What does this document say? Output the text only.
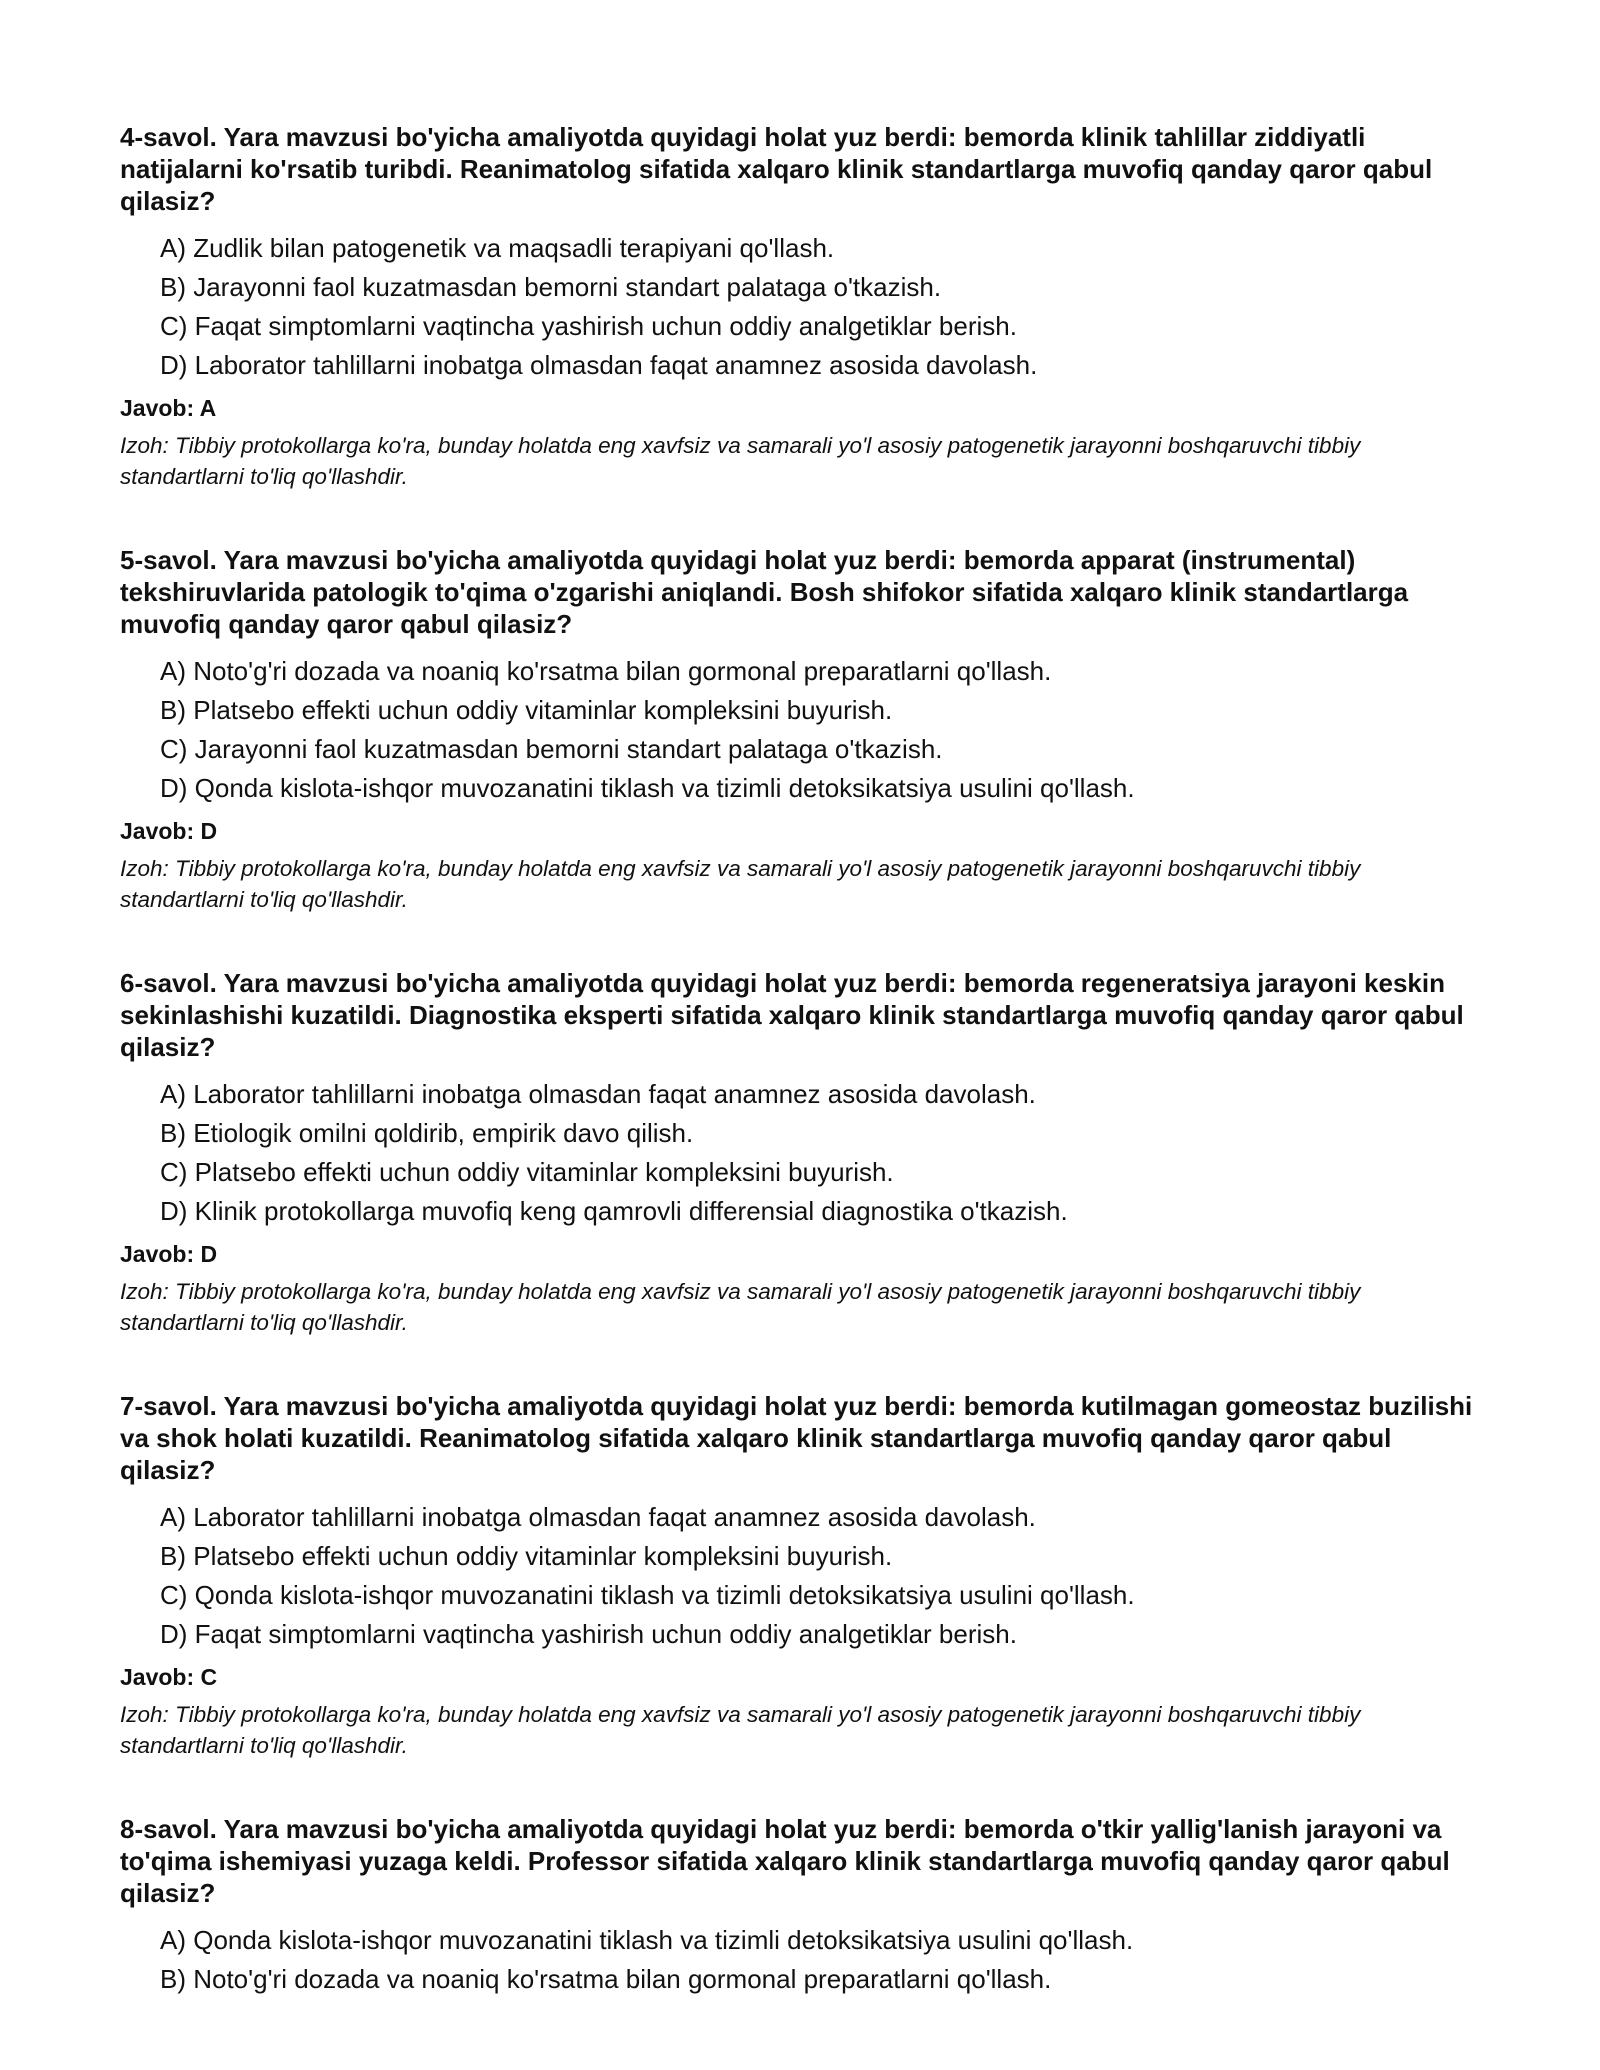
4-savol. Yara mavzusi bo'yicha amaliyotda quyidagi holat yuz berdi: bemorda klinik tahlillar ziddiyatli natijalarni ko'rsatib turibdi. Reanimatolog sifatida xalqaro klinik standartlarga muvofiq qanday qaror qabul qilasiz?

A) Zudlik bilan patogenetik va maqsadli terapiyani qo'llash.
B) Jarayonni faol kuzatmasdan bemorni standart palataga o'tkazish.
C) Faqat simptomlarni vaqtincha yashirish uchun oddiy analgetiklar berish.
D) Laborator tahlillarni inobatga olmasdan faqat anamnez asosida davolash.

Javob: A

Izoh: Tibbiy protokollarga ko'ra, bunday holatda eng xavfsiz va samarali yo'l asosiy patogenetik jarayonni boshqaruvchi tibbiy standartlarni to'liq qo'llashdir.

5-savol. Yara mavzusi bo'yicha amaliyotda quyidagi holat yuz berdi: bemorda apparat (instrumental) tekshiruvlarida patologik to'qima o'zgarishi aniqlandi. Bosh shifokor sifatida xalqaro klinik standartlarga muvofiq qanday qaror qabul qilasiz?

A) Noto'g'ri dozada va noaniq ko'rsatma bilan gormonal preparatlarni qo'llash.
B) Platsebo effekti uchun oddiy vitaminlar kompleksini buyurish.
C) Jarayonni faol kuzatmasdan bemorni standart palataga o'tkazish.
D) Qonda kislota-ishqor muvozanatini tiklash va tizimli detoksikatsiya usulini qo'llash.

Javob: D

Izoh: Tibbiy protokollarga ko'ra, bunday holatda eng xavfsiz va samarali yo'l asosiy patogenetik jarayonni boshqaruvchi tibbiy standartlarni to'liq qo'llashdir.

6-savol. Yara mavzusi bo'yicha amaliyotda quyidagi holat yuz berdi: bemorda regeneratsiya jarayoni keskin sekinlashishi kuzatildi. Diagnostika eksperti sifatida xalqaro klinik standartlarga muvofiq qanday qaror qabul qilasiz?

A) Laborator tahlillarni inobatga olmasdan faqat anamnez asosida davolash.
B) Etiologik omilni qoldirib, empirik davo qilish.
C) Platsebo effekti uchun oddiy vitaminlar kompleksini buyurish.
D) Klinik protokollarga muvofiq keng qamrovli differensial diagnostika o'tkazish.

Javob: D

Izoh: Tibbiy protokollarga ko'ra, bunday holatda eng xavfsiz va samarali yo'l asosiy patogenetik jarayonni boshqaruvchi tibbiy standartlarni to'liq qo'llashdir.

7-savol. Yara mavzusi bo'yicha amaliyotda quyidagi holat yuz berdi: bemorda kutilmagan gomeostaz buzilishi va shok holati kuzatildi. Reanimatolog sifatida xalqaro klinik standartlarga muvofiq qanday qaror qabul qilasiz?

A) Laborator tahlillarni inobatga olmasdan faqat anamnez asosida davolash.
B) Platsebo effekti uchun oddiy vitaminlar kompleksini buyurish.
C) Qonda kislota-ishqor muvozanatini tiklash va tizimli detoksikatsiya usulini qo'llash.
D) Faqat simptomlarni vaqtincha yashirish uchun oddiy analgetiklar berish.

Javob: C

Izoh: Tibbiy protokollarga ko'ra, bunday holatda eng xavfsiz va samarali yo'l asosiy patogenetik jarayonni boshqaruvchi tibbiy standartlarni to'liq qo'llashdir.

8-savol. Yara mavzusi bo'yicha amaliyotda quyidagi holat yuz berdi: bemorda o'tkir yallig'lanish jarayoni va to'qima ishemiyasi yuzaga keldi. Professor sifatida xalqaro klinik standartlarga muvofiq qanday qaror qabul qilasiz?

A) Qonda kislota-ishqor muvozanatini tiklash va tizimli detoksikatsiya usulini qo'llash.
B) Noto'g'ri dozada va noaniq ko'rsatma bilan gormonal preparatlarni qo'llash.
